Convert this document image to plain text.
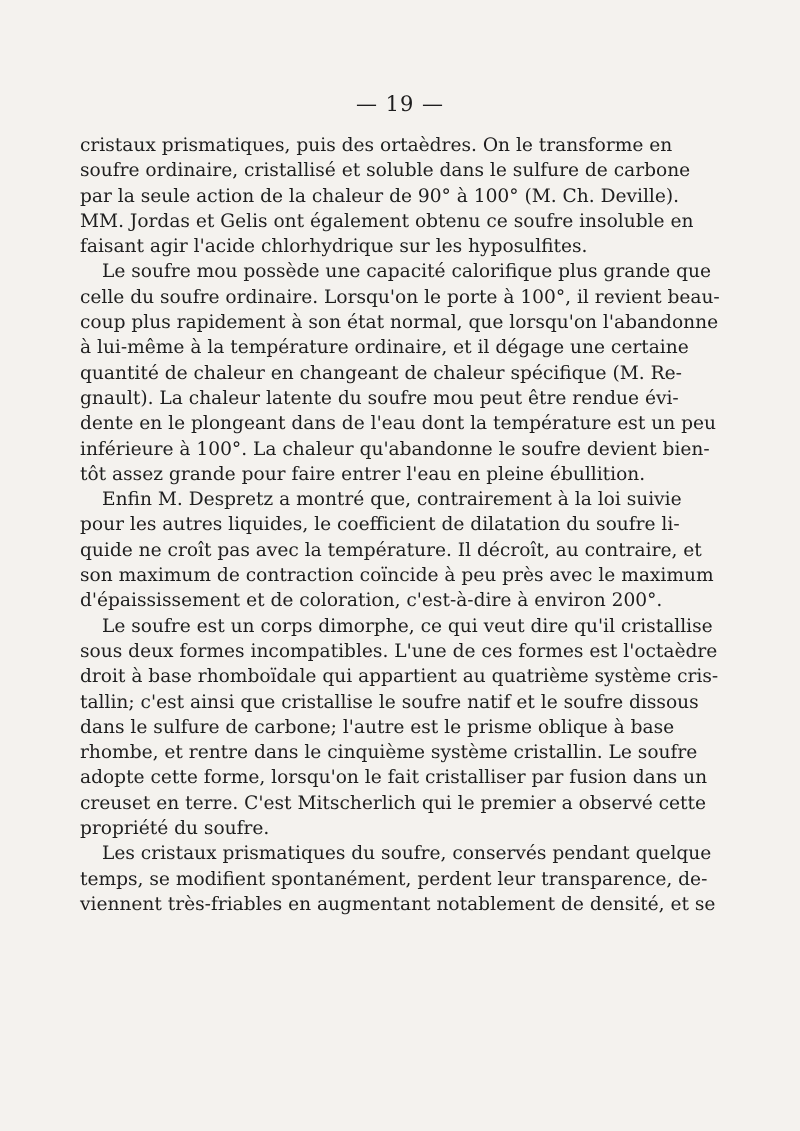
— 19 —
cristaux prismatiques, puis des ortaèdres. On le transforme en
soufre ordinaire, cristallisé et soluble dans le sulfure de carbone
par la seule action de la chaleur de 90° à 100° (M. Ch. Deville).
MM. Jordas et Gelis ont également obtenu ce soufre insoluble en
faisant agir l'acide chlorhydrique sur les hyposulfites.
Le soufre mou possède une capacité calorifique plus grande que
celle du soufre ordinaire. Lorsqu'on le porte à 100°, il revient beau-
coup plus rapidement à son état normal, que lorsqu'on l'abandonne
à lui-même à la température ordinaire, et il dégage une certaine
quantité de chaleur en changeant de chaleur spécifique (M. Re-
gnault). La chaleur latente du soufre mou peut être rendue évi-
dente en le plongeant dans de l'eau dont la température est un peu
inférieure à 100°. La chaleur qu'abandonne le soufre devient bien-
tôt assez grande pour faire entrer l'eau en pleine ébullition.
Enfin M. Despretz a montré que, contrairement à la loi suivie
pour les autres liquides, le coefficient de dilatation du soufre li-
quide ne croît pas avec la température. Il décroît, au contraire, et
son maximum de contraction coïncide à peu près avec le maximum
d'épaississement et de coloration, c'est-à-dire à environ 200°.
Le soufre est un corps dimorphe, ce qui veut dire qu'il cristallise
sous deux formes incompatibles. L'une de ces formes est l'octaèdre
droit à base rhomboïdale qui appartient au quatrième système cris-
tallin; c'est ainsi que cristallise le soufre natif et le soufre dissous
dans le sulfure de carbone; l'autre est le prisme oblique à base
rhombe, et rentre dans le cinquième système cristallin. Le soufre
adopte cette forme, lorsqu'on le fait cristalliser par fusion dans un
creuset en terre. C'est Mitscherlich qui le premier a observé cette
propriété du soufre.
Les cristaux prismatiques du soufre, conservés pendant quelque
temps, se modifient spontanément, perdent leur transparence, de-
viennent très-friables en augmentant notablement de densité, et se
